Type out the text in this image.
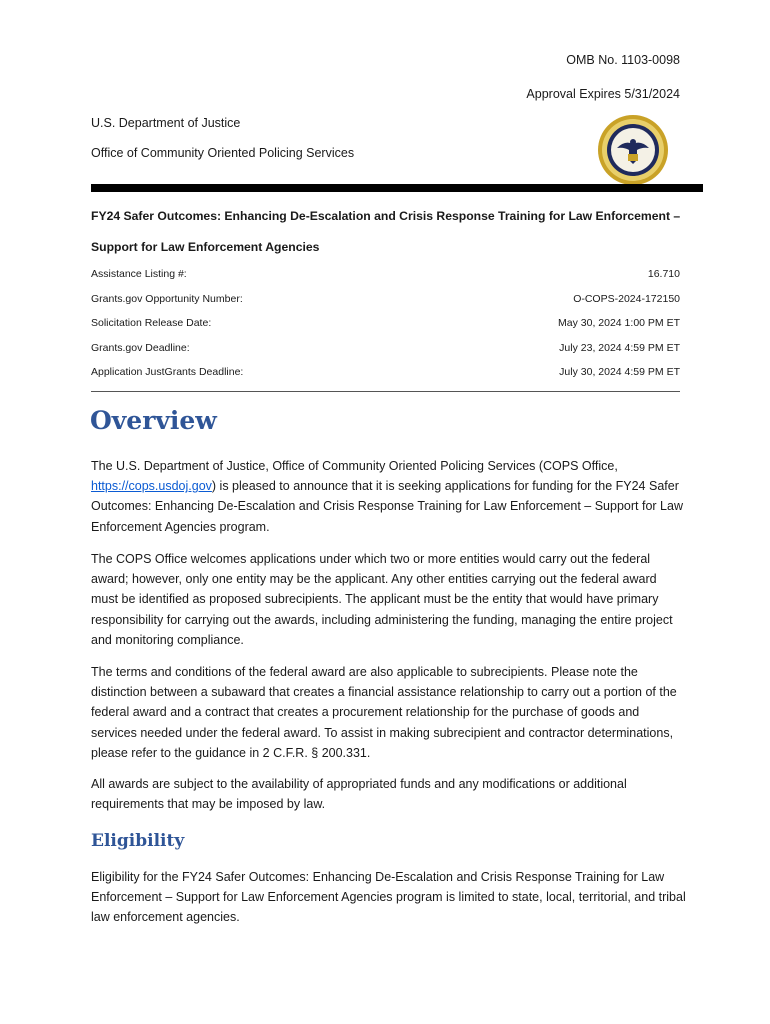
OMB No. 1103-0098
Approval Expires 5/31/2024
U.S. Department of Justice
Office of Community Oriented Policing Services
FY24 Safer Outcomes: Enhancing De-Escalation and Crisis Response Training for Law Enforcement –
Support for Law Enforcement Agencies
Assistance Listing #:	16.710
Grants.gov Opportunity Number:	O-COPS-2024-172150
Solicitation Release Date:	May 30, 2024 1:00 PM ET
Grants.gov Deadline:	July 23, 2024 4:59 PM ET
Application JustGrants Deadline:	July 30, 2024 4:59 PM ET
Overview
The U.S. Department of Justice, Office of Community Oriented Policing Services (COPS Office, https://cops.usdoj.gov) is pleased to announce that it is seeking applications for funding for the FY24 Safer Outcomes: Enhancing De-Escalation and Crisis Response Training for Law Enforcement – Support for Law Enforcement Agencies program.
The COPS Office welcomes applications under which two or more entities would carry out the federal award; however, only one entity may be the applicant. Any other entities carrying out the federal award must be identified as proposed subrecipients. The applicant must be the entity that would have primary responsibility for carrying out the awards, including administering the funding, managing the entire project and monitoring compliance.
The terms and conditions of the federal award are also applicable to subrecipients. Please note the distinction between a subaward that creates a financial assistance relationship to carry out a portion of the federal award and a contract that creates a procurement relationship for the purchase of goods and services needed under the federal award. To assist in making subrecipient and contractor determinations, please refer to the guidance in 2 C.F.R. § 200.331.
All awards are subject to the availability of appropriated funds and any modifications or additional requirements that may be imposed by law.
Eligibility
Eligibility for the FY24 Safer Outcomes: Enhancing De-Escalation and Crisis Response Training for Law Enforcement – Support for Law Enforcement Agencies program is limited to state, local, territorial, and tribal law enforcement agencies.
